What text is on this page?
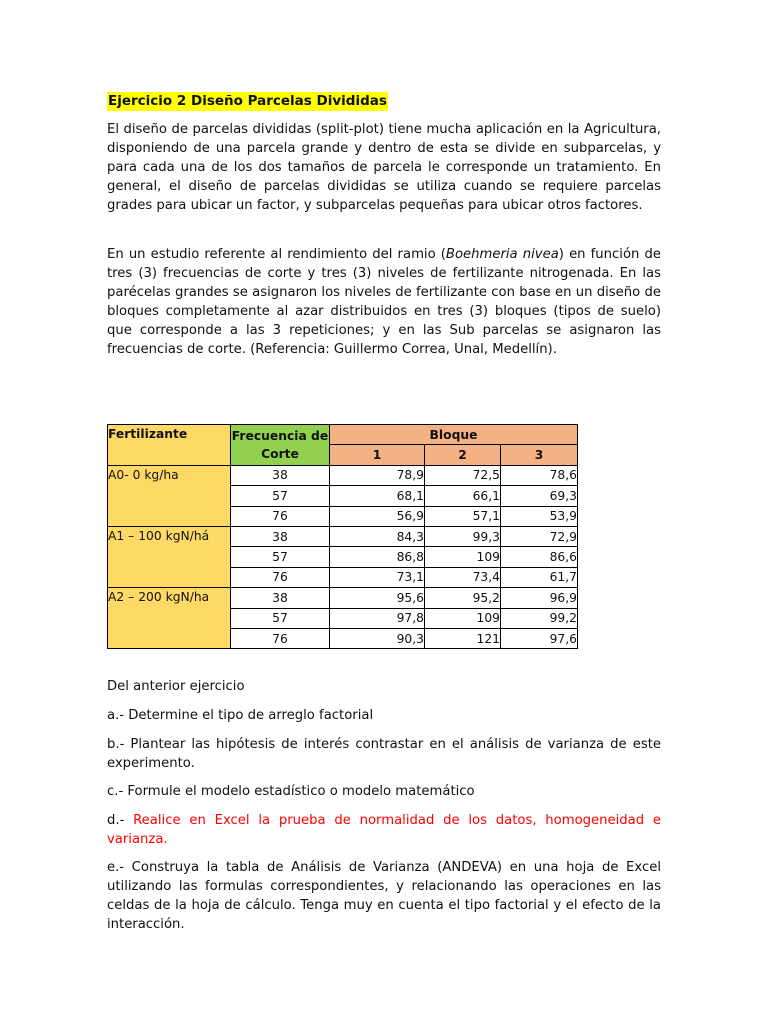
Ejercicio 2 Diseño Parcelas Divididas

El diseño de parcelas divididas (split-plot) tiene mucha aplicación en la Agricultura, disponiendo de una parcela grande y dentro de esta se divide en subparcelas, y para cada una de los dos tamaños de parcela le corresponde un tratamiento. En general, el diseño de parcelas divididas se utiliza cuando se requiere parcelas grades para ubicar un factor, y subparcelas pequeñas para ubicar otros factores.

En un estudio referente al rendimiento del ramio (Boehmeria nivea) en función de tres (3) frecuencias de corte y tres (3) niveles de fertilizante nitrogenada. En las parécelas grandes se asignaron los niveles de fertilizante con base en un diseño de bloques completamente al azar distribuidos en tres (3) bloques (tipos de suelo) que corresponde a las 3 repeticiones; y en las Sub parcelas se asignaron las frecuencias de corte. (Referencia: Guillermo Correa, Unal, Medellín).

Fertilizante	Frecuencia de Corte	Bloque		
		1	2	3
A0- 0 kg/ha	38	78,9	72,5	78,6
	57	68,1	66,1	69,3
	76	56,9	57,1	53,9
A1 – 100 kgN/há	38	84,3	99,3	72,9
	57	86,8	109	86,6
	76	73,1	73,4	61,7
A2 – 200 kgN/ha	38	95,6	95,2	96,9
	57	97,8	109	99,2
	76	90,3	121	97,6

Del anterior ejercicio

a.- Determine el tipo de arreglo factorial

b.- Plantear las hipótesis de interés contrastar en el análisis de varianza de este experimento.

c.- Formule el modelo estadístico o modelo matemático

d.- Realice en Excel la prueba de normalidad de los datos, homogeneidad e varianza.

e.- Construya la tabla de Análisis de Varianza (ANDEVA) en una hoja de Excel utilizando las formulas correspondientes, y relacionando las operaciones en las celdas de la hoja de cálculo. Tenga muy en cuenta el tipo factorial y el efecto de la interacción.
